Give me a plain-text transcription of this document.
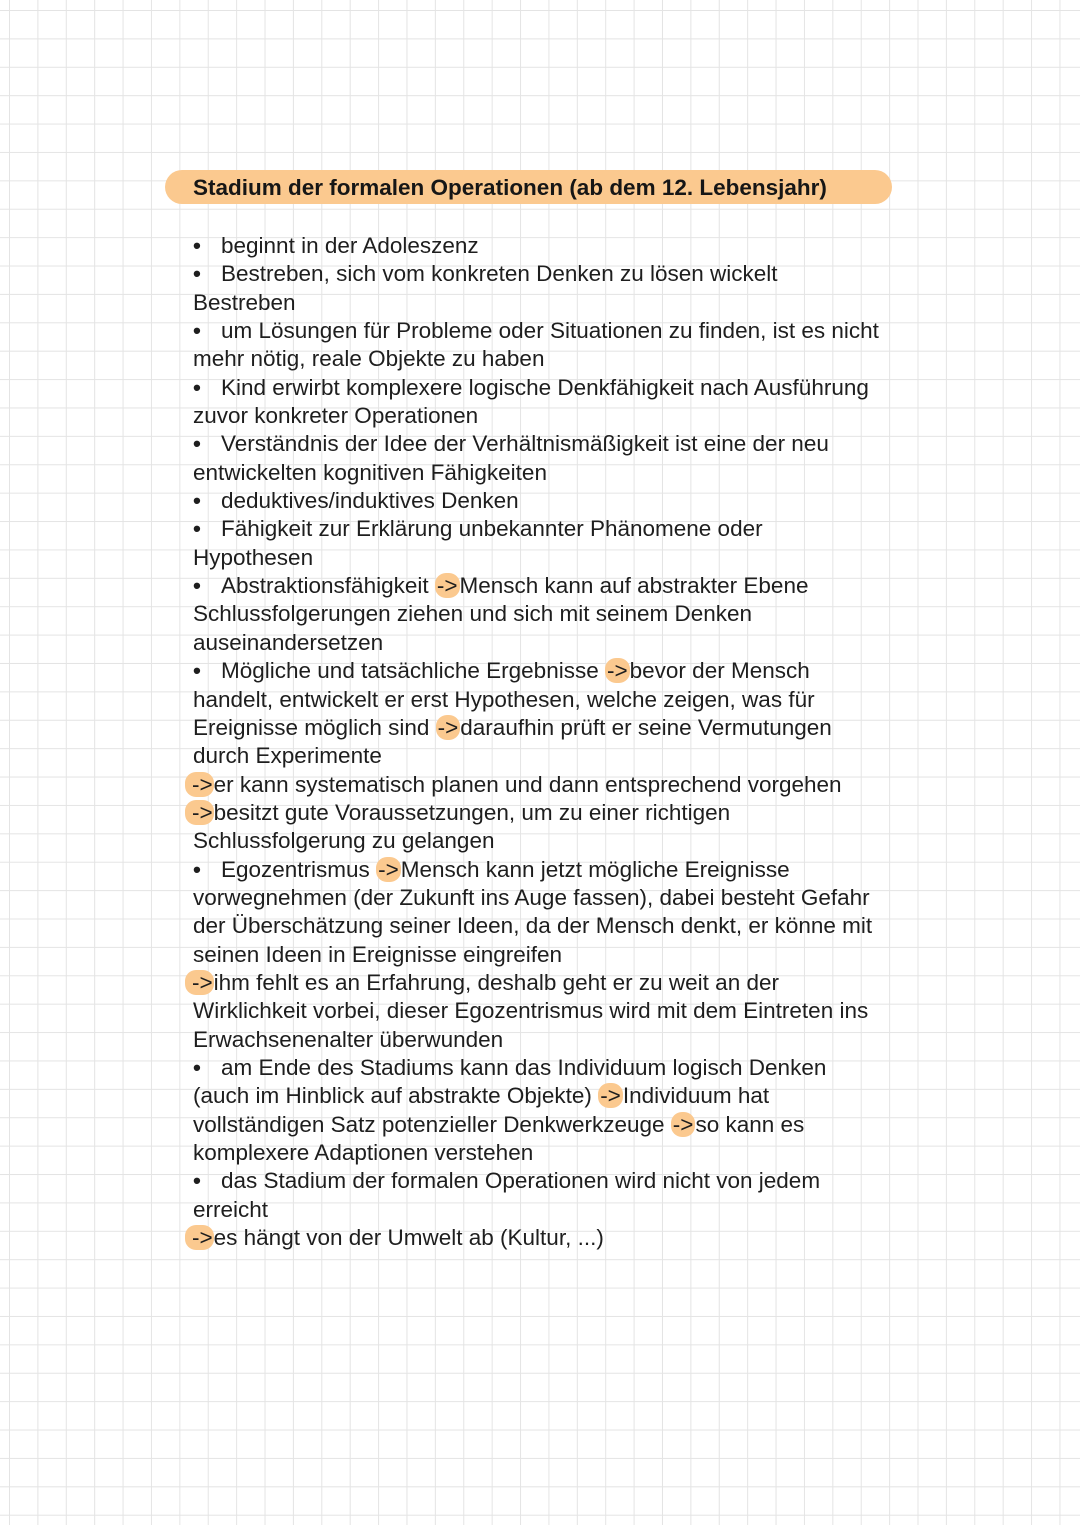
Stadium der formalen Operationen (ab dem 12. Lebensjahr)
• beginnt in der Adoleszenz
• Bestreben, sich vom konkreten Denken zu lösen wickelt
Bestreben
• um Lösungen für Probleme oder Situationen zu finden, ist es nicht
mehr nötig, reale Objekte zu haben
• Kind erwirbt komplexere logische Denkfähigkeit nach Ausführung
zuvor konkreter Operationen
• Verständnis der Idee der Verhältnismäßigkeit ist eine der neu
entwickelten kognitiven Fähigkeiten
• deduktives/induktives Denken
• Fähigkeit zur Erklärung unbekannter Phänomene oder
Hypothesen
• Abstraktionsfähigkeit ->Mensch kann auf abstrakter Ebene
Schlussfolgerungen ziehen und sich mit seinem Denken
auseinandersetzen
• Mögliche und tatsächliche Ergebnisse ->bevor der Mensch
handelt, entwickelt er erst Hypothesen, welche zeigen, was für
Ereignisse möglich sind ->daraufhin prüft er seine Vermutungen
durch Experimente
->er kann systematisch planen und dann entsprechend vorgehen
->besitzt gute Voraussetzungen, um zu einer richtigen
Schlussfolgerung zu gelangen
• Egozentrismus ->Mensch kann jetzt mögliche Ereignisse
vorwegnehmen (der Zukunft ins Auge fassen), dabei besteht Gefahr
der Überschätzung seiner Ideen, da der Mensch denkt, er könne mit
seinen Ideen in Ereignisse eingreifen
->ihm fehlt es an Erfahrung, deshalb geht er zu weit an der
Wirklichkeit vorbei, dieser Egozentrismus wird mit dem Eintreten ins
Erwachsenenalter überwunden
• am Ende des Stadiums kann das Individuum logisch Denken
(auch im Hinblick auf abstrakte Objekte) ->Individuum hat
vollständigen Satz potenzieller Denkwerkzeuge ->so kann es
komplexere Adaptionen verstehen
• das Stadium der formalen Operationen wird nicht von jedem
erreicht
->es hängt von der Umwelt ab (Kultur, ...)
